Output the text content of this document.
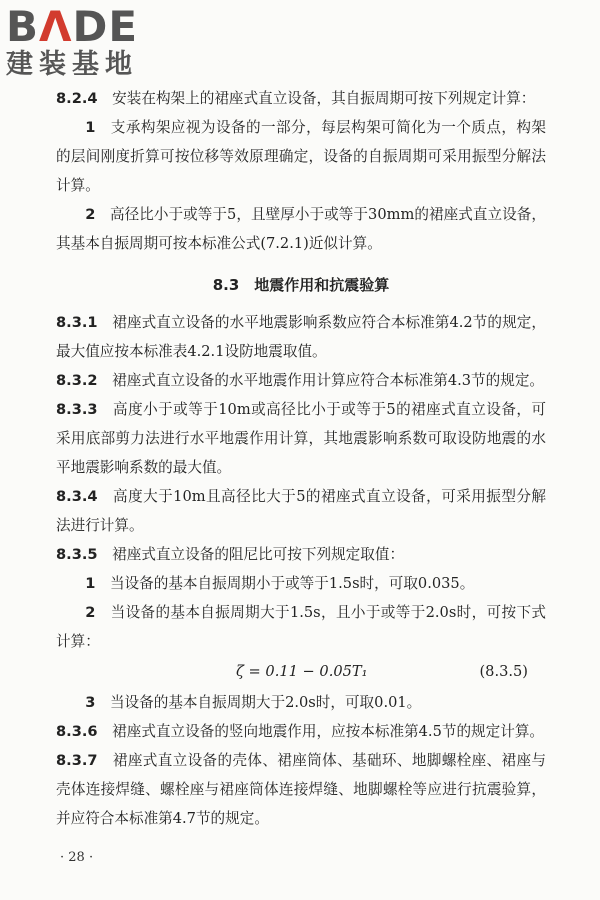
BΛDE
建装基地

8.2.4　 安装在构架上的裙座式直立设备，其自振周期可按下列规定计算：

1　 支承构架应视为设备的一部分，每层构架可简化为一个质点，构架的层间刚度折算可按位移等效原理确定，设备的自振周期可采用振型分解法计算。

2　 高径比小于或等于5，且壁厚小于或等于30mm的裙座式直立设备，其基本自振周期可按本标准公式(7.2.1)近似计算。

8.3　地震作用和抗震验算

8.3.1　 裙座式直立设备的水平地震影响系数应符合本标准第4.2节的规定，最大值应按本标准表4.2.1设防地震取值。

8.3.2　 裙座式直立设备的水平地震作用计算应符合本标准第4.3节的规定。

8.3.3　 高度小于或等于10m或高径比小于或等于5的裙座式直立设备，可采用底部剪力法进行水平地震作用计算，其地震影响系数可取设防地震的水平地震影响系数的最大值。

8.3.4　 高度大于10m且高径比大于5的裙座式直立设备，可采用振型分解法进行计算。

8.3.5　 裙座式直立设备的阻尼比可按下列规定取值：

1　 当设备的基本自振周期小于或等于1.5s时，可取0.035。

2　 当设备的基本自振周期大于1.5s，且小于或等于2.0s时，可按下式计算：

ζ = 0.11 − 0.05T₁	(8.3.5)

3　 当设备的基本自振周期大于2.0s时，可取0.01。

8.3.6　 裙座式直立设备的竖向地震作用，应按本标准第4.5节的规定计算。

8.3.7　 裙座式直立设备的壳体、裙座筒体、基础环、地脚螺栓座、裙座与壳体连接焊缝、螺栓座与裙座筒体连接焊缝、地脚螺栓等应进行抗震验算，并应符合本标准第4.7节的规定。

· 28 ·
